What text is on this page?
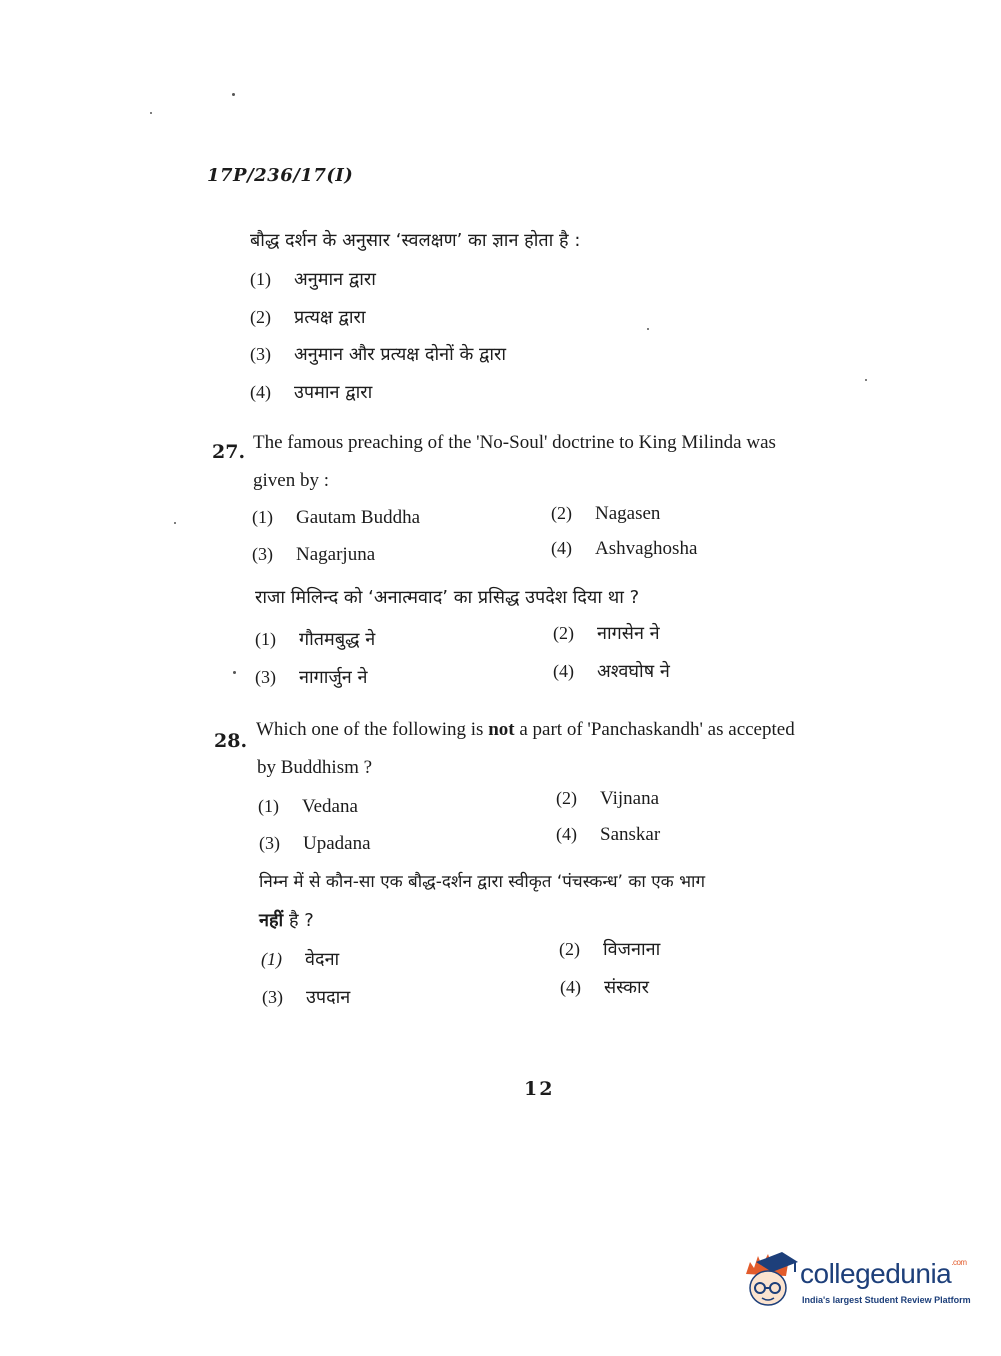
17P/236/17(I)
बौद्ध दर्शन के अनुसार ‘स्वलक्षण’ का ज्ञान होता है :
(1) अनुमान द्वारा
(2) प्रत्यक्ष द्वारा
(3) अनुमान और प्रत्यक्ष दोनों के द्वारा
(4) उपमान द्वारा
27. The famous preaching of the 'No-Soul' doctrine to King Milinda was
given by :
(1) Gautam Buddha	(2) Nagasen
(3) Nagarjuna	(4) Ashvaghosha
राजा मिलिन्द को ‘अनात्मवाद’ का प्रसिद्ध उपदेश दिया था ?
(1) गौतमबुद्ध ने	(2) नागसेन ने
(3) नागार्जुन ने	(4) अश्वघोष ने
28.
Which one of the following is not a part of 'Panchaskandh' as accepted
by Buddhism ?
(1) Vedana	(2) Vijnana
(3) Upadana	(4) Sanskar
निम्न में से कौन-सा एक बौद्ध-दर्शन द्वारा स्वीकृत ‘पंचस्कन्ध’ का एक भाग
नहीं है ?
(1) वेदना	(2) विजनाना
(3) उपदान	(4) संस्कार
12
collegedunia$^{.com}$
India's largest Student Review Platform
